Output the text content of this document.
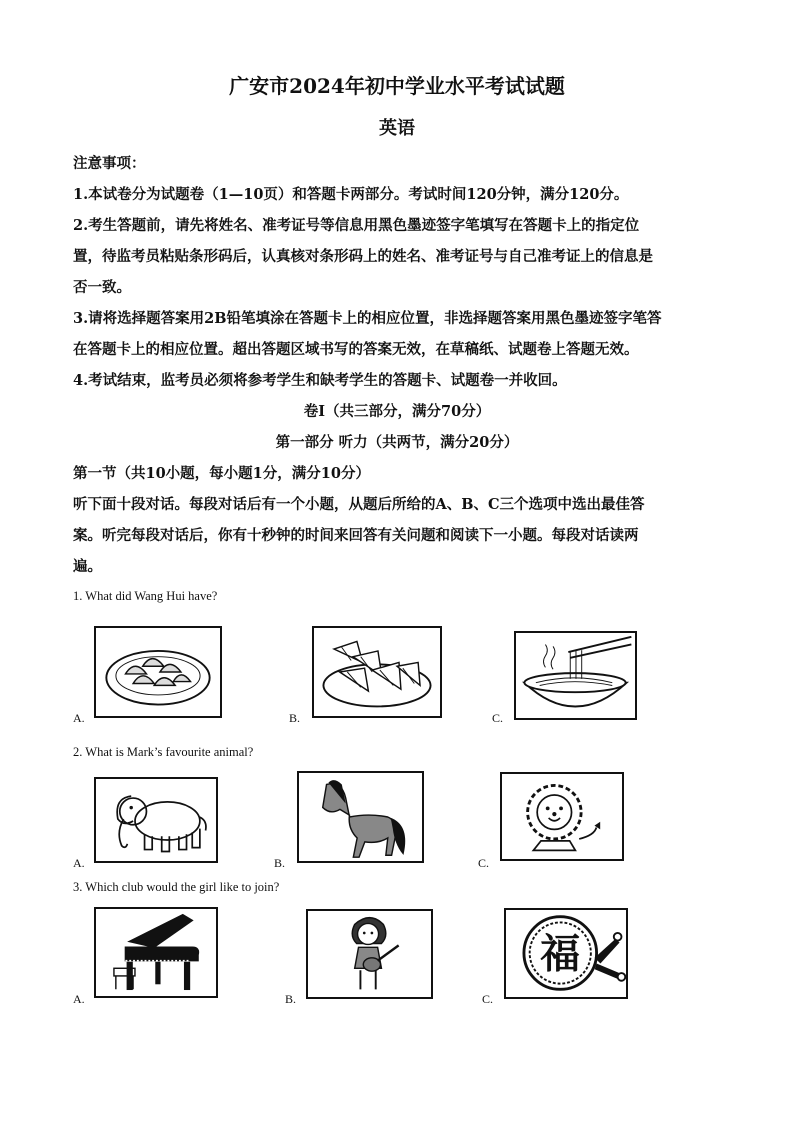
广安市2024年初中学业水平考试试题
英语
注意事项：
1.本试卷分为试题卷（1—10页）和答题卡两部分。考试时间120分钟，满分120分。
2.考生答题前，请先将姓名、准考证号等信息用黑色墨迹签字笔填写在答题卡上的指定位
置，待监考员粘贴条形码后，认真核对条形码上的姓名、准考证号与自己准考证上的信息是
否一致。
3.请将选择题答案用2B铅笔填涂在答题卡上的相应位置，非选择题答案用黑色墨迹签字笔答
在答题卡上的相应位置。超出答题区域书写的答案无效，在草稿纸、试题卷上答题无效。
4.考试结束，监考员必须将参考学生和缺考学生的答题卡、试题卷一并收回。
卷Ⅰ（共三部分，满分70分）
第一部分 听力（共两节，满分20分）
第一节（共10小题，每小题1分，满分10分）
听下面十段对话。每段对话后有一个小题，从题后所给的A、B、C三个选项中选出最佳答
案。听完每段对话后，你有十秒钟的时间来回答有关问题和阅读下一小题。每段对话读两
遍。
1. What did Wang Hui have?
A.	B.	C.
2. What is Mark’s favourite animal?
A.	B.	C.
3. Which club would the girl like to join?
A.	B.
福
C.
